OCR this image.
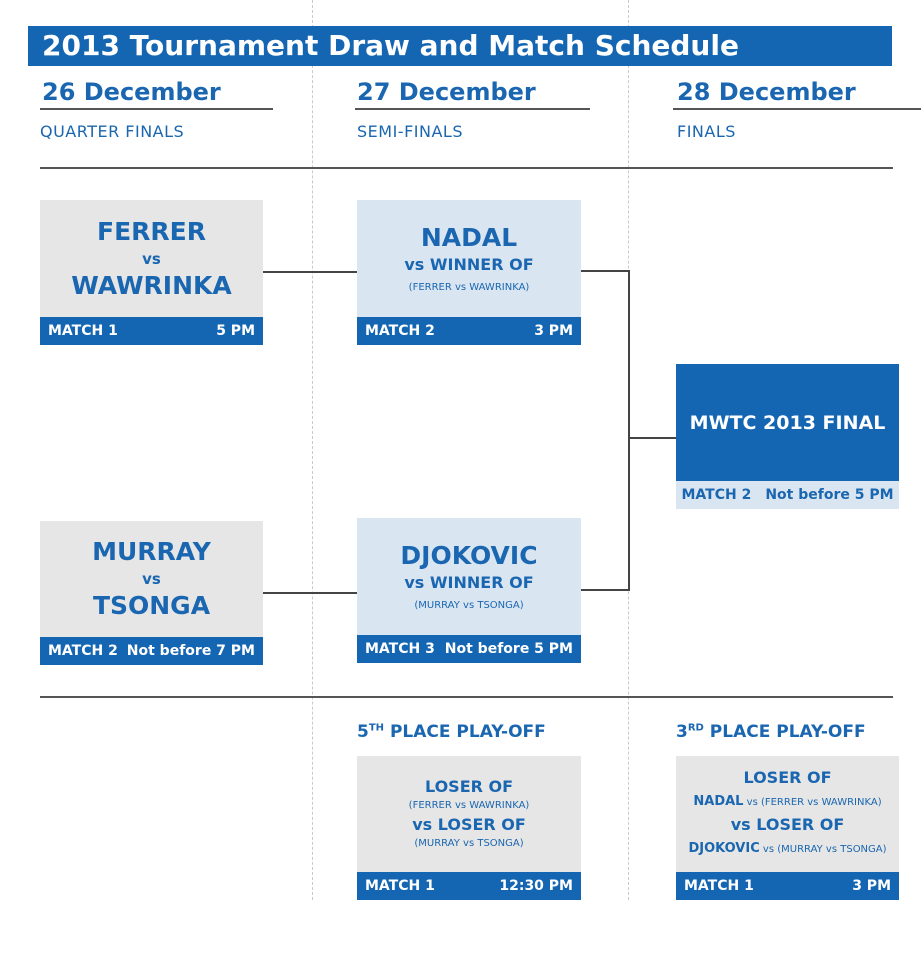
2013 Tournament Draw and Match Schedule
26 December
QUARTER FINALS
27 December
SEMI-FINALS
28 December
FINALS
FERRER
vs
WAWRINKA
MATCH 1	5 PM
MURRAY
vs
TSONGA
MATCH 2 Not before 7 PM
NADAL
vs WINNER OF
(FERRER vs WAWRINKA)
MATCH 2	3 PM
DJOKOVIC
vs WINNER OF
(MURRAY vs TSONGA)
MATCH 3 Not before 5 PM
MWTC 2013 FINAL
MATCH 2 Not before 5 PM
5TH PLACE PLAY-OFF
LOSER OF
(FERRER vs WAWRINKA)
vs LOSER OF
(MURRAY vs TSONGA)
MATCH 1	12:30 PM
3RD PLACE PLAY-OFF
LOSER OF
NADAL vs (FERRER vs WAWRINKA)
vs LOSER OF
DJOKOVIC vs (MURRAY vs TSONGA)
MATCH 1	3 PM
